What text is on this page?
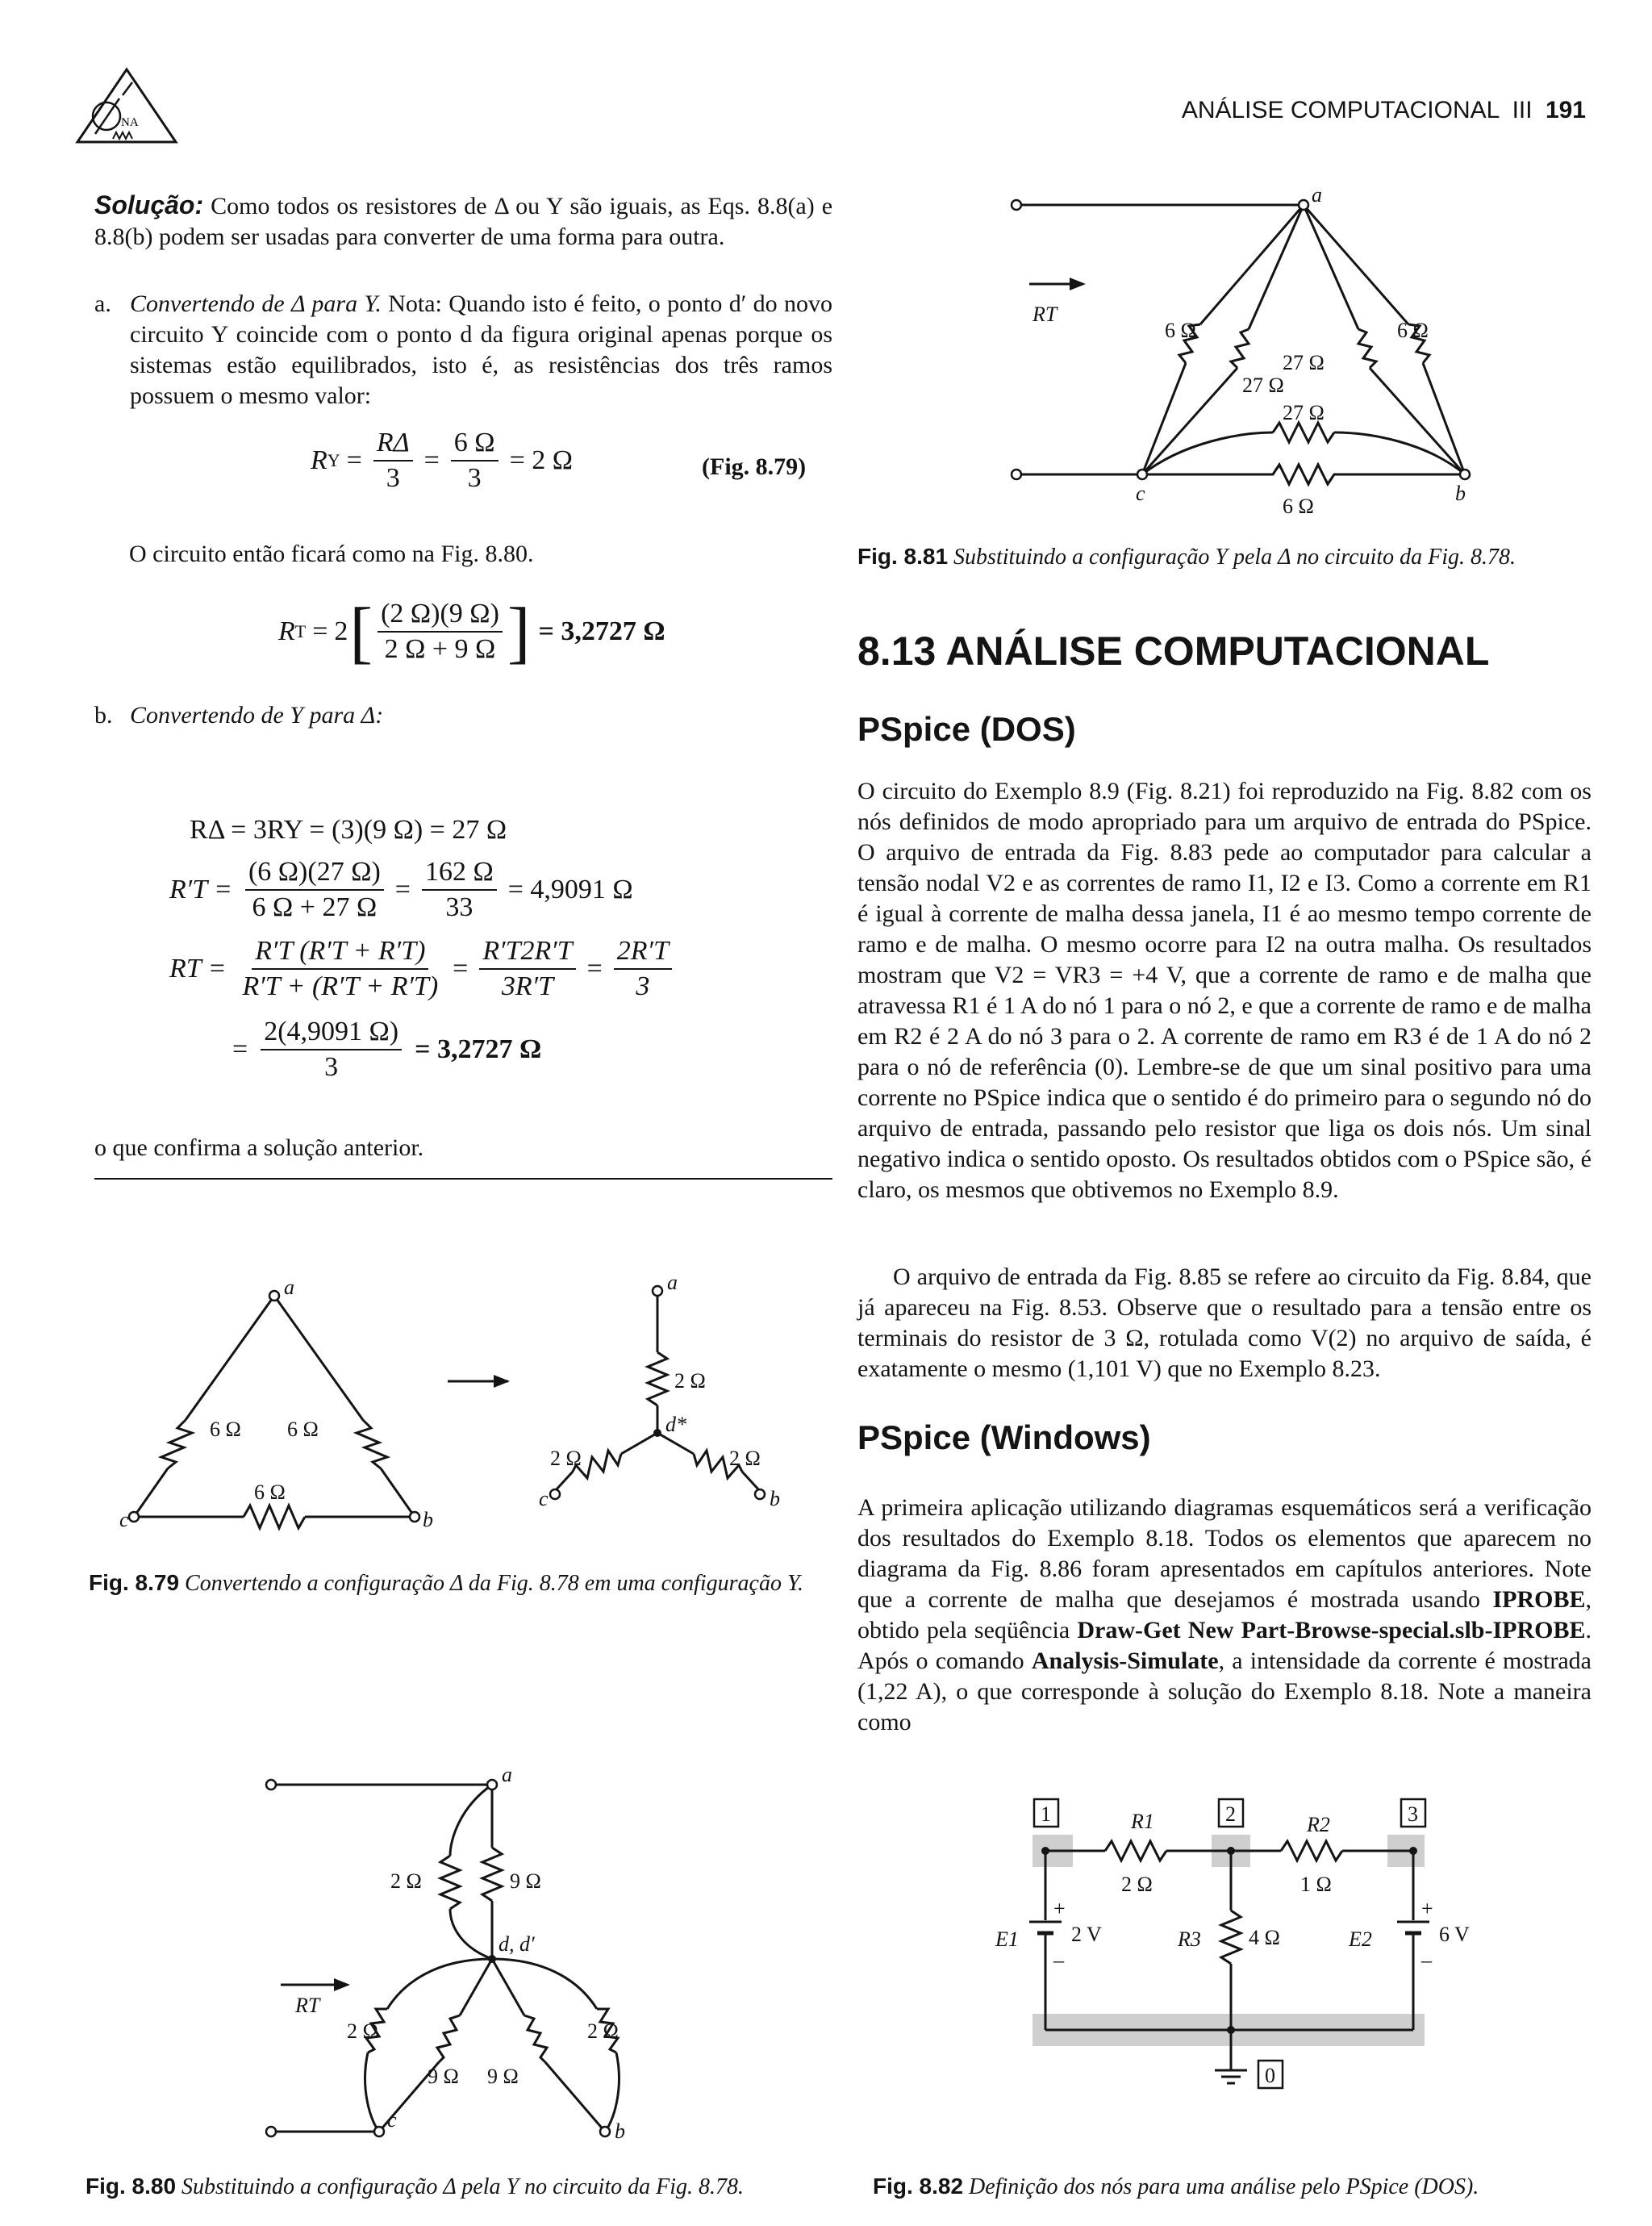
NA	ANÁLISE COMPUTACIONAL III 191
Solução: Como todos os resistores de Δ ou Y são iguais, as Eqs. 8.8(a) e 8.8(b) podem ser usadas para converter de uma forma para outra.
a. Convertendo de Δ para Y. Nota: Quando isto é feito, o ponto d′ do novo circuito Y coincide com o ponto d da figura original apenas porque os sistemas estão equilibrados, isto é, as resistências dos três ramos possuem o mesmo valor:
R $Y = \frac{R\Delta}{3} = \frac{6 \Omega}{3} = 2$ Ω	(Fig. 8.79)
O circuito então ficará como na Fig. 8.80.
R T = 2 [ $\frac{(2 \Omega)(9 \Omega)}{2 \Omega + 9 \Omega}$ ] = 3,2727 Ω
b. Convertendo de Y para Δ:
RΔ = 3RY = (3)(9 Ω) = 27 Ω
$R'T = \frac{(6 \Omega)(27 \Omega)}{6 \Omega + 27 \Omega} = \frac{162 \Omega}{33} = 4,9091$ Ω
RT = $\frac{R'T (R'T + R'T)}{R'T + (R'T + R'T)} = \frac{R'T2R'T}{3R'T} = \frac{2R'T}{3}$
= $\frac{2(4,9091 \Omega)}{3} = 3,2727$ Ω
o que confirma a solução anterior.
a
b
c
6 Ω 6 Ω
6 Ω
a
b
c
d*
2 Ω
2 Ω	2 Ω
Fig. 8.79 Convertendo a configuração Δ da Fig. 8.78 em uma configuração Y.
a
b
c
d, d′
2 Ω	9 Ω
2 Ω	2 Ω
9 Ω 9 Ω
RT
Fig. 8.80 Substituindo a configuração Δ pela Y no circuito da Fig. 8.78.
a
b
c
6 Ω	6 Ω
27 Ω
27 Ω
27 Ω
6 Ω
RT
Fig. 8.81 Substituindo a configuração Y pela Δ no circuito da Fig. 8.78.
8.13 ANÁLISE COMPUTACIONAL
PSpice (DOS)
O circuito do Exemplo 8.9 (Fig. 8.21) foi reproduzido na Fig. 8.82 com os nós definidos de modo apropriado para um arquivo de entrada do PSpice. O arquivo de entrada da Fig. 8.83 pede ao computador para calcular a tensão nodal V2 e as correntes de ramo I1, I2 e I3. Como a corrente em R1 é igual à corrente de malha dessa janela, I1 é ao mesmo tempo corrente de ramo e de malha. O mesmo ocorre para I2 na outra malha. Os resultados mostram que V2 = VR3 = +4 V, que a corrente de ramo e de malha que atravessa R1 é 1 A do nó 1 para o nó 2, e que a corrente de ramo e de malha em R2 é 2 A do nó 3 para o 2. A corrente de ramo em R3 é de 1 A do nó 2 para o nó de referência (0). Lembre-se de que um sinal positivo para uma corrente no PSpice indica que o sentido é do primeiro para o segundo nó do arquivo de entrada, passando pelo resistor que liga os dois nós. Um sinal negativo indica o sentido oposto. Os resultados obtidos com o PSpice são, é claro, os mesmos que obtivemos no Exemplo 8.9.
O arquivo de entrada da Fig. 8.85 se refere ao circuito da Fig. 8.84, que já apareceu na Fig. 8.53. Observe que o resultado para a tensão entre os terminais do resistor de 3 Ω, rotulada como V(2) no arquivo de saída, é exatamente o mesmo (1,101 V) que no Exemplo 8.23.
PSpice (Windows)
A primeira aplicação utilizando diagramas esquemáticos será a verificação dos resultados do Exemplo 8.18. Todos os elementos que aparecem no diagrama da Fig. 8.86 foram apresentados em capítulos anteriores. Note que a corrente de malha que desejamos é mostrada usando IPROBE, obtido pela seqüência Draw-Get New Part-Browse-special.slb-IPROBE. Após o comando Analysis-Simulate, a intensidade da corrente é mostrada (1,22 A), o que corresponde à solução do Exemplo 8.18. Note a maneira como
1	2	3
0
R1
2 Ω
R2
1 Ω
R3 4 Ω
E1	2 V	E2	6 V
+
–
+
–
Fig. 8.82 Definição dos nós para uma análise pelo PSpice (DOS).
